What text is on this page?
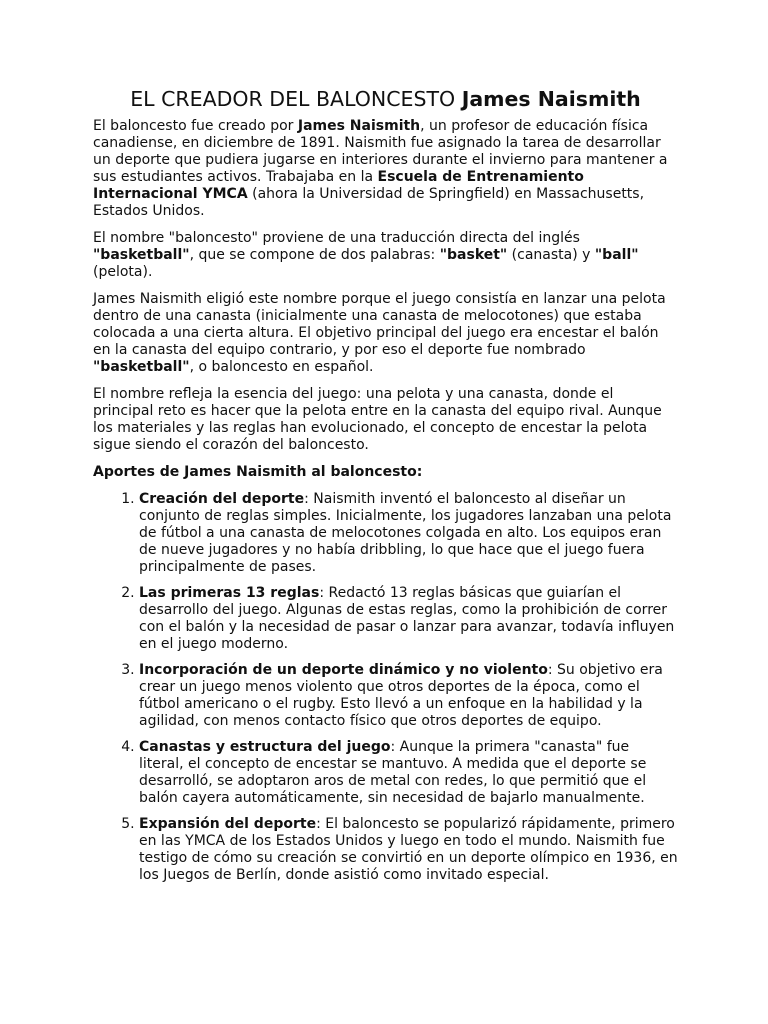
EL CREADOR DEL BALONCESTO James Naismith

El baloncesto fue creado por James Naismith, un profesor de educación física canadiense, en diciembre de 1891. Naismith fue asignado la tarea de desarrollar un deporte que pudiera jugarse en interiores durante el invierno para mantener a sus estudiantes activos. Trabajaba en la Escuela de Entrenamiento Internacional YMCA (ahora la Universidad de Springfield) en Massachusetts, Estados Unidos.

El nombre "baloncesto" proviene de una traducción directa del inglés "basketball", que se compone de dos palabras: "basket" (canasta) y "ball" (pelota).

James Naismith eligió este nombre porque el juego consistía en lanzar una pelota dentro de una canasta (inicialmente una canasta de melocotones) que estaba colocada a una cierta altura. El objetivo principal del juego era encestar el balón en la canasta del equipo contrario, y por eso el deporte fue nombrado "basketball", o baloncesto en español.

El nombre refleja la esencia del juego: una pelota y una canasta, donde el principal reto es hacer que la pelota entre en la canasta del equipo rival. Aunque los materiales y las reglas han evolucionado, el concepto de encestar la pelota sigue siendo el corazón del baloncesto.

Aportes de James Naismith al baloncesto:

1. Creación del deporte: Naismith inventó el baloncesto al diseñar un conjunto de reglas simples. Inicialmente, los jugadores lanzaban una pelota de fútbol a una canasta de melocotones colgada en alto. Los equipos eran de nueve jugadores y no había dribbling, lo que hace que el juego fuera principalmente de pases.
2. Las primeras 13 reglas: Redactó 13 reglas básicas que guiarían el desarrollo del juego. Algunas de estas reglas, como la prohibición de correr con el balón y la necesidad de pasar o lanzar para avanzar, todavía influyen en el juego moderno.
3. Incorporación de un deporte dinámico y no violento: Su objetivo era crear un juego menos violento que otros deportes de la época, como el fútbol americano o el rugby. Esto llevó a un enfoque en la habilidad y la agilidad, con menos contacto físico que otros deportes de equipo.
4. Canastas y estructura del juego: Aunque la primera "canasta" fue literal, el concepto de encestar se mantuvo. A medida que el deporte se desarrolló, se adoptaron aros de metal con redes, lo que permitió que el balón cayera automáticamente, sin necesidad de bajarlo manualmente.
5. Expansión del deporte: El baloncesto se popularizó rápidamente, primero en las YMCA de los Estados Unidos y luego en todo el mundo. Naismith fue testigo de cómo su creación se convirtió en un deporte olímpico en 1936, en los Juegos de Berlín, donde asistió como invitado especial.
